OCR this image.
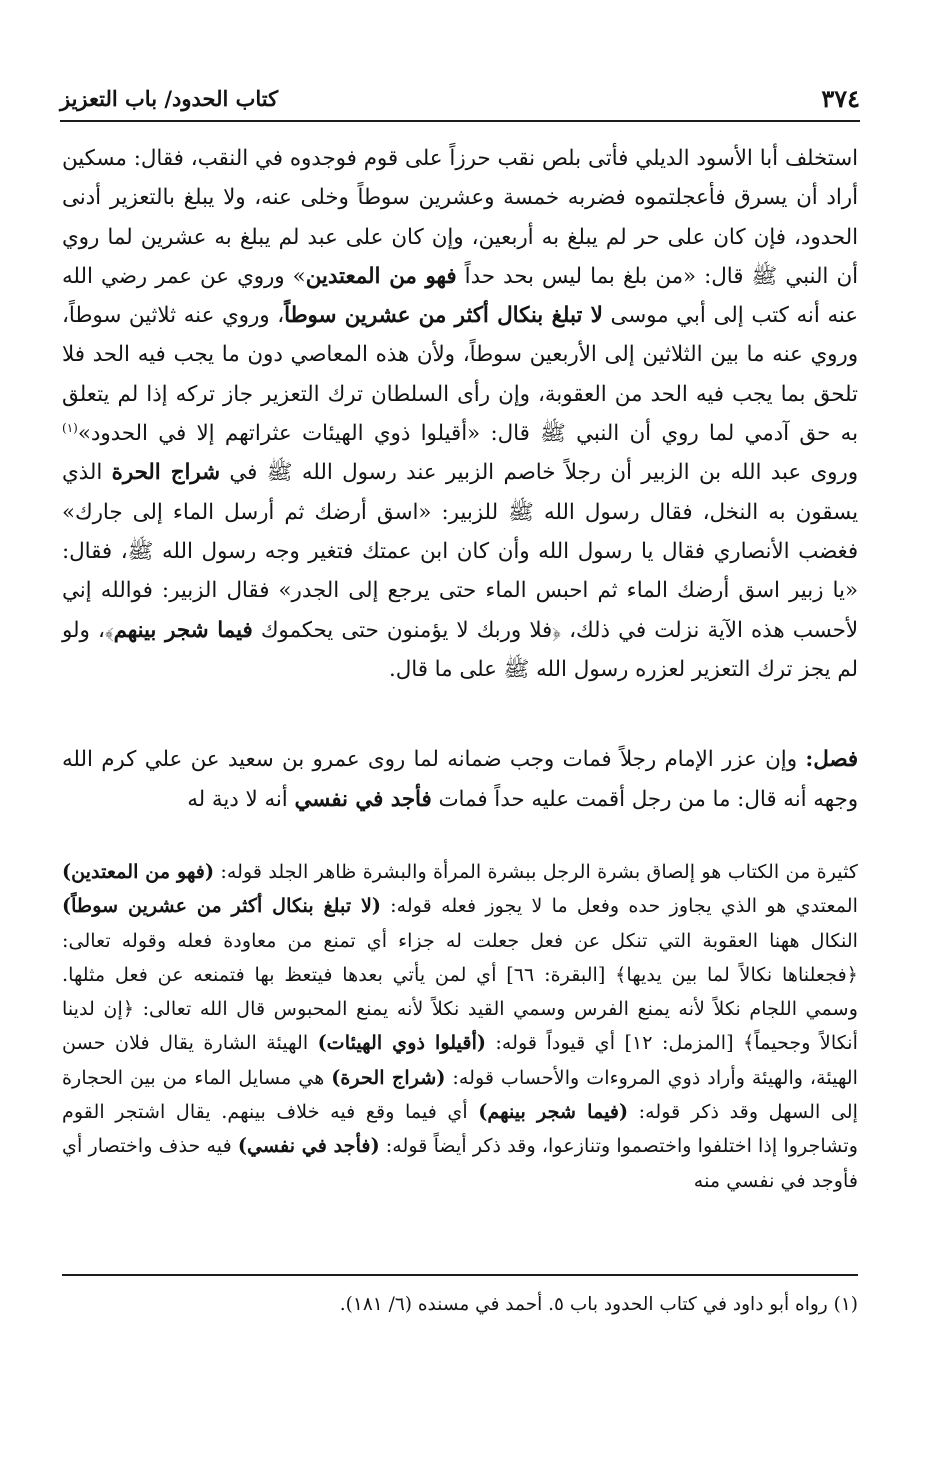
٣٧٤
كتاب الحدود/ باب التعزيز

استخلف أبا الأسود الديلي فأتى بلص نقب حرزاً على قوم فوجدوه في النقب، فقال: مسكين أراد أن يسرق فأعجلتموه فضربه خمسة وعشرين سوطاً وخلى عنه، ولا يبلغ بالتعزير أدنى الحدود، فإن كان على حر لم يبلغ به أربعين، وإن كان على عبد لم يبلغ به عشرين لما روي أن النبي ﷺ قال: «من بلغ بما ليس بحد حداً فهو من المعتدين» وروي عن عمر رضي الله عنه أنه كتب إلى أبي موسى لا تبلغ بنكال أكثر من عشرين سوطاً، وروي عنه ثلاثين سوطاً، وروي عنه ما بين الثلاثين إلى الأربعين سوطاً، ولأن هذه المعاصي دون ما يجب فيه الحد فلا تلحق بما يجب فيه الحد من العقوبة، وإن رأى السلطان ترك التعزير جاز تركه إذا لم يتعلق به حق آدمي لما روي أن النبي ﷺ قال: «أقيلوا ذوي الهيئات عثراتهم إلا في الحدود»$^{(١)}$ وروى عبد الله بن الزبير أن رجلاً خاصم الزبير عند رسول الله ﷺ في شراج الحرة الذي يسقون به النخل، فقال رسول الله ﷺ للزبير: «اسق أرضك ثم أرسل الماء إلى جارك» فغضب الأنصاري فقال يا رسول الله وأن كان ابن عمتك فتغير وجه رسول الله ﷺ، فقال: «يا زبير اسق أرضك الماء ثم احبس الماء حتى يرجع إلى الجدر» فقال الزبير: فوالله إني لأحسب هذه الآية نزلت في ذلك، ﴿فلا وربك لا يؤمنون حتى يحكموك فيما شجر بينهم﴾، ولو لم يجز ترك التعزير لعزره رسول الله ﷺ على ما قال.

فصل: وإن عزر الإمام رجلاً فمات وجب ضمانه لما روى عمرو بن سعيد عن علي كرم الله وجهه أنه قال: ما من رجل أقمت عليه حداً فمات فأجد في نفسي أنه لا دية له

كثيرة من الكتاب هو إلصاق بشرة الرجل ببشرة المرأة والبشرة ظاهر الجلد قوله: (فهو من المعتدين) المعتدي هو الذي يجاوز حده وفعل ما لا يجوز فعله قوله: (لا تبلغ بنكال أكثر من عشرين سوطاً) النكال ههنا العقوبة التي تنكل عن فعل جعلت له جزاء أي تمنع من معاودة فعله وقوله تعالى: ﴿فجعلناها نكالاً لما بين يديها﴾ [البقرة: ٦٦] أي لمن يأتي بعدها فيتعظ بها فتمنعه عن فعل مثلها. وسمي اللجام نكلاً لأنه يمنع الفرس وسمي القيد نكلاً لأنه يمنع المحبوس قال الله تعالى: ﴿إن لدينا أنكالاً وجحيماً﴾ [المزمل: ١٢] أي قيوداً قوله: (أقيلوا ذوي الهيئات) الهيئة الشارة يقال فلان حسن الهيئة، والهيئة وأراد ذوي المروءات والأحساب قوله: (شراج الحرة) هي مسايل الماء من بين الحجارة إلى السهل وقد ذكر قوله: (فيما شجر بينهم) أي فيما وقع فيه خلاف بينهم. يقال اشتجر القوم وتشاجروا إذا اختلفوا واختصموا وتنازعوا، وقد ذكر أيضاً قوله: (فأجد في نفسي) فيه حذف واختصار أي فأوجد في نفسي منه

(١) رواه أبو داود في كتاب الحدود باب ٥. أحمد في مسنده (٦/ ١٨١).
